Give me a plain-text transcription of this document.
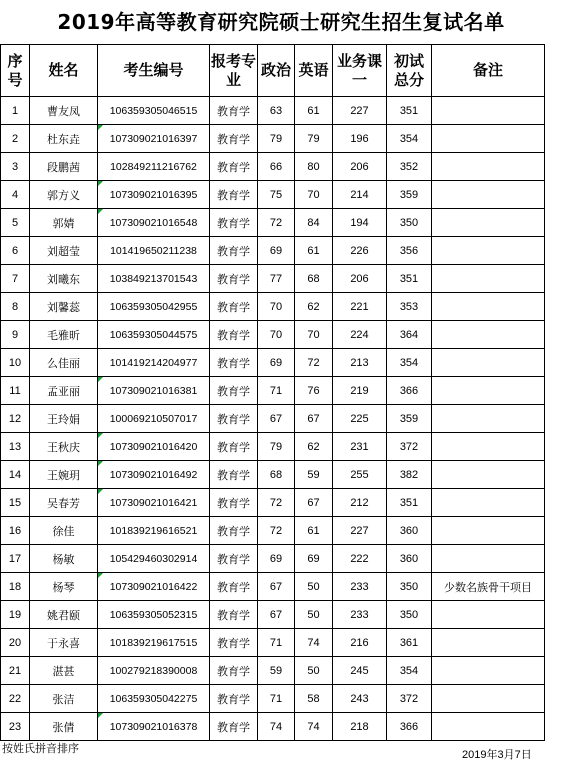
2019年高等教育研究院硕士研究生招生复试名单
序号	姓名	考生编号	报考专业	政治	英语	业务课一	初试总分	备注
1	曹友凤	106359305046515	教育学	63	61	227	351	
2	杜东垚	107309021016397	教育学	79	79	196	354	
3	段鹏茜	102849211216762	教育学	66	80	206	352	
4	郭方义	107309021016395	教育学	75	70	214	359	
5	郭婧	107309021016548	教育学	72	84	194	350	
6	刘超莹	101419650211238	教育学	69	61	226	356	
7	刘曦东	103849213701543	教育学	77	68	206	351	
8	刘馨蕊	106359305042955	教育学	70	62	221	353	
9	毛雅昕	106359305044575	教育学	70	70	224	364	
10	么佳丽	101419214204977	教育学	69	72	213	354	
11	孟亚丽	107309021016381	教育学	71	76	219	366	
12	王玲娟	100069210507017	教育学	67	67	225	359	
13	王秋庆	107309021016420	教育学	79	62	231	372	
14	王婉玥	107309021016492	教育学	68	59	255	382	
15	吴春芳	107309021016421	教育学	72	67	212	351	
16	徐佳	101839219616521	教育学	72	61	227	360	
17	杨敏	105429460302914	教育学	69	69	222	360	
18	杨琴	107309021016422	教育学	67	50	233	350	少数名族骨干项目
19	姚君颐	106359305052315	教育学	67	50	233	350	
20	于永喜	101839219617515	教育学	71	74	216	361	
21	湛甚	100279218390008	教育学	59	50	245	354	
22	张洁	106359305042275	教育学	71	58	243	372	
23	张倩	107309021016378	教育学	74	74	218	366	
按姓氏拼音排序	2019年3月7日
